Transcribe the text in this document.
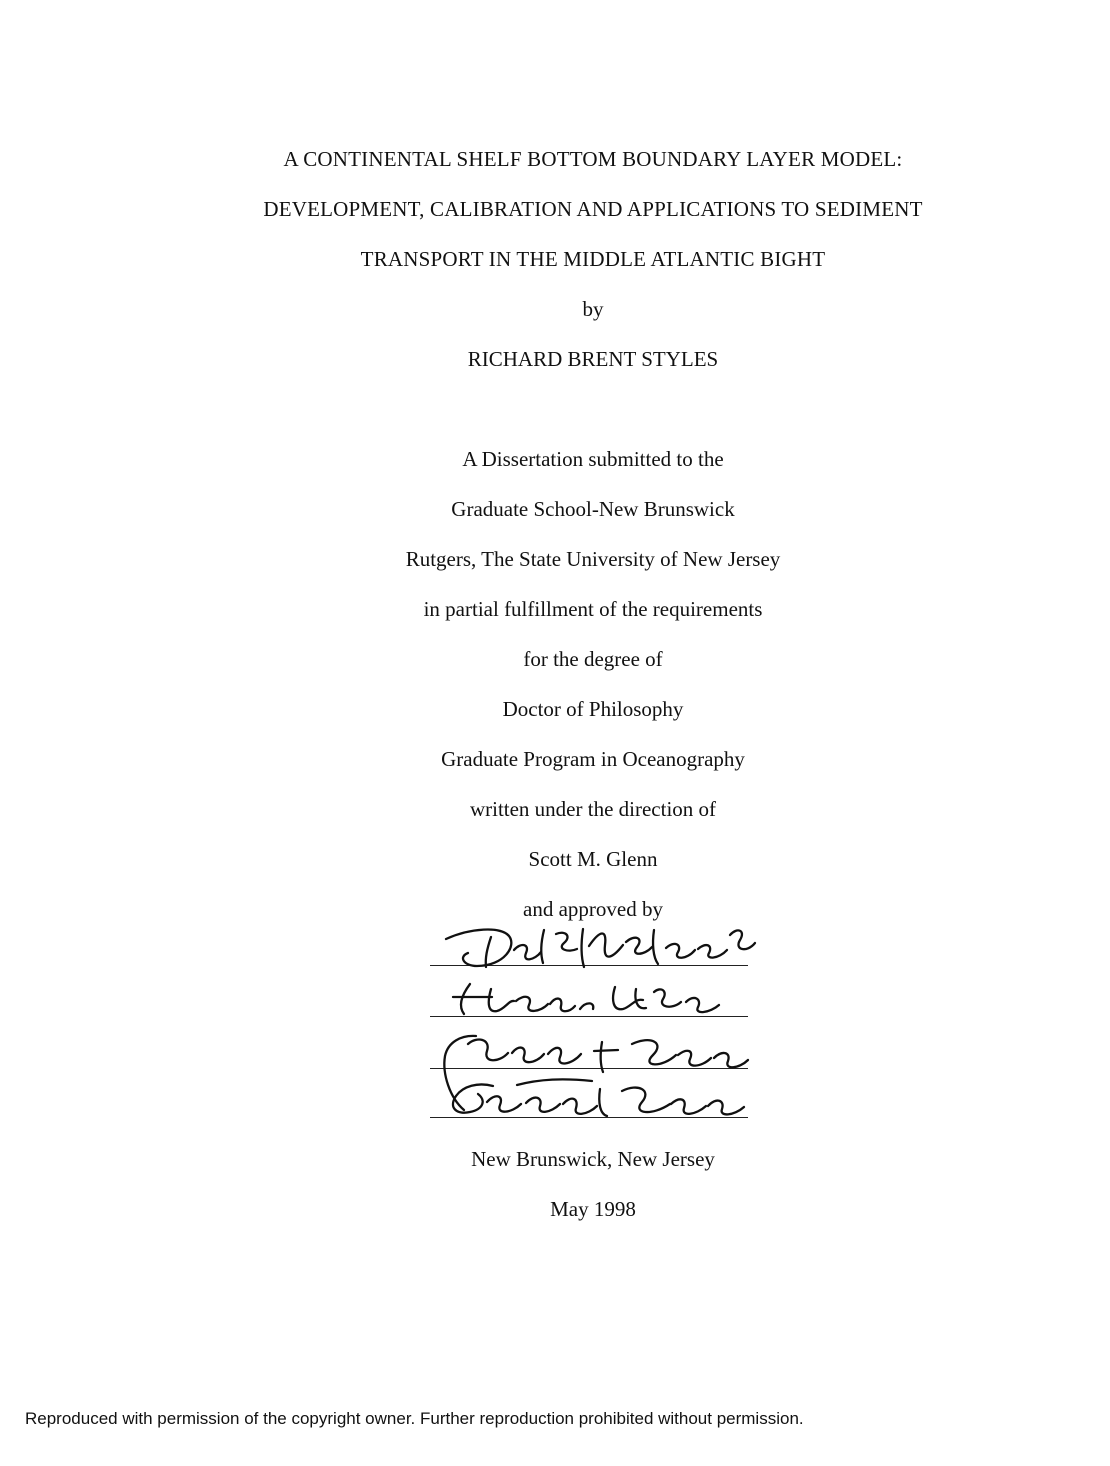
A CONTINENTAL SHELF BOTTOM BOUNDARY LAYER MODEL:
DEVELOPMENT, CALIBRATION AND APPLICATIONS TO SEDIMENT
TRANSPORT IN THE MIDDLE ATLANTIC BIGHT
by
RICHARD BRENT STYLES
A Dissertation submitted to the
Graduate School-New Brunswick
Rutgers, The State University of New Jersey
in partial fulfillment of the requirements
for the degree of
Doctor of Philosophy
Graduate Program in Oceanography
written under the direction of
Scott M. Glenn
and approved by
New Brunswick, New Jersey
May 1998
Reproduced with permission of the copyright owner. Further reproduction prohibited without permission.
